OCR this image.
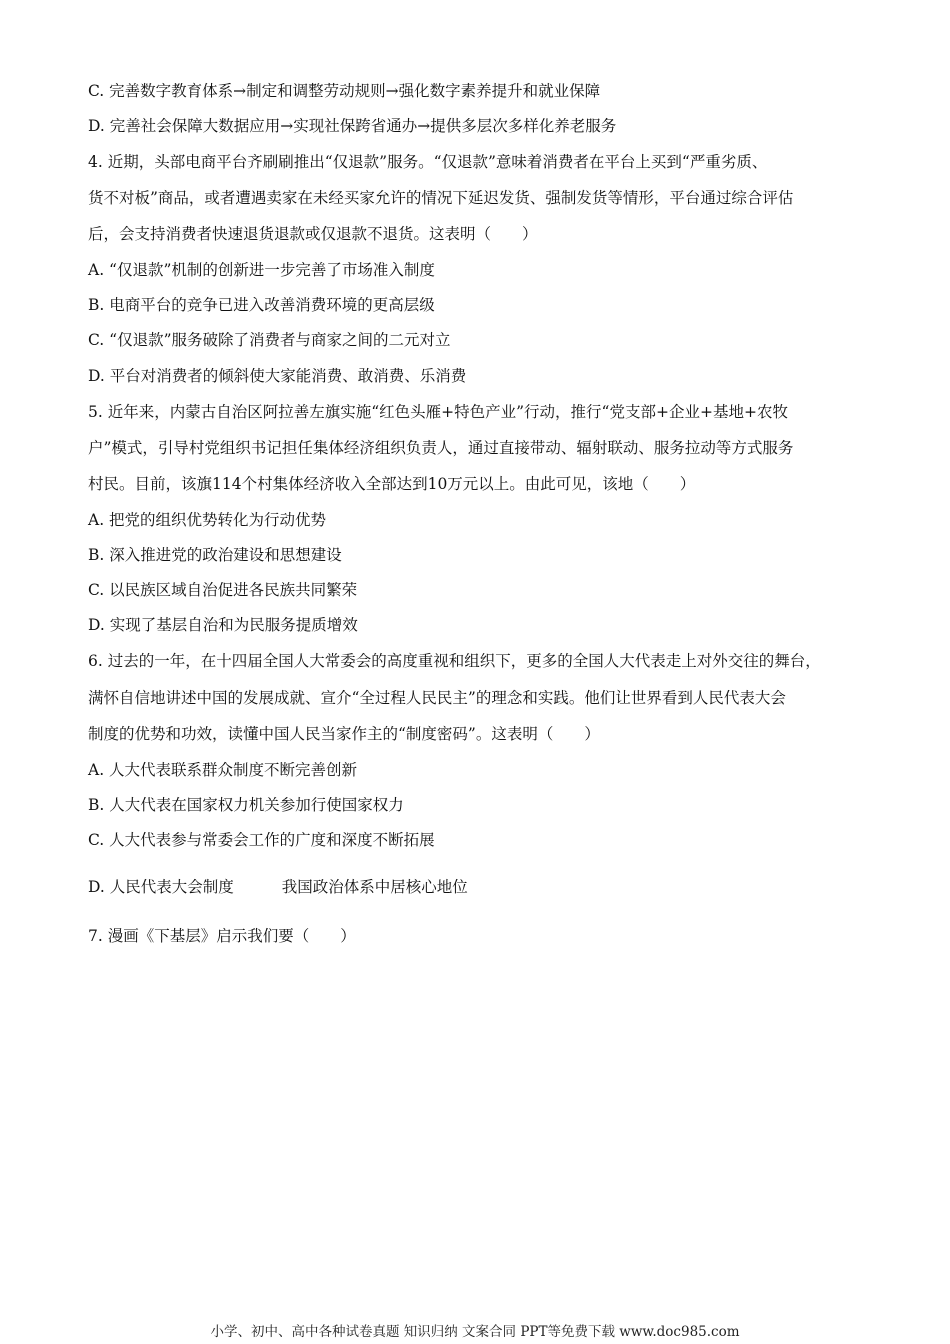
C. 完善数字教育体系→制定和调整劳动规则→强化数字素养提升和就业保障
D. 完善社会保障大数据应用→实现社保跨省通办→提供多层次多样化养老服务
4. 近期，头部电商平台齐刷刷推出“仅退款”服务。“仅退款”意味着消费者在平台上买到“严重劣质、
货不对板”商品，或者遭遇卖家在未经买家允许的情况下延迟发货、强制发货等情形，平台通过综合评估
后，会支持消费者快速退货退款或仅退款不退货。这表明（　　）
A. “仅退款”机制的创新进一步完善了市场准入制度
B. 电商平台的竞争已进入改善消费环境的更高层级
C. “仅退款”服务破除了消费者与商家之间的二元对立
D. 平台对消费者的倾斜使大家能消费、敢消费、乐消费
5. 近年来，内蒙古自治区阿拉善左旗实施“红色头雁+特色产业”行动，推行“党支部+企业+基地+农牧
户”模式，引导村党组织书记担任集体经济组织负责人，通过直接带动、辐射联动、服务拉动等方式服务
村民。目前，该旗114个村集体经济收入全部达到10万元以上。由此可见，该地（　　）
A. 把党的组织优势转化为行动优势
B. 深入推进党的政治建设和思想建设
C. 以民族区域自治促进各民族共同繁荣
D. 实现了基层自治和为民服务提质增效
6. 过去的一年，在十四届全国人大常委会的高度重视和组织下，更多的全国人大代表走上对外交往的舞台，
满怀自信地讲述中国的发展成就、宣介“全过程人民民主”的理念和实践。他们让世界看到人民代表大会
制度的优势和功效，读懂中国人民当家作主的“制度密码”。这表明（　　）
A. 人大代表联系群众制度不断完善创新
B. 人大代表在国家权力机关参加行使国家权力
C. 人大代表参与常委会工作的广度和深度不断拓展
D. 人民代表大会制度	我国政治体系中居核心地位
7. 漫画《下基层》启示我们要（　　）
小学、初中、高中各种试卷真题 知识归纳 文案合同 PPT等免费下载 www.doc985.com
